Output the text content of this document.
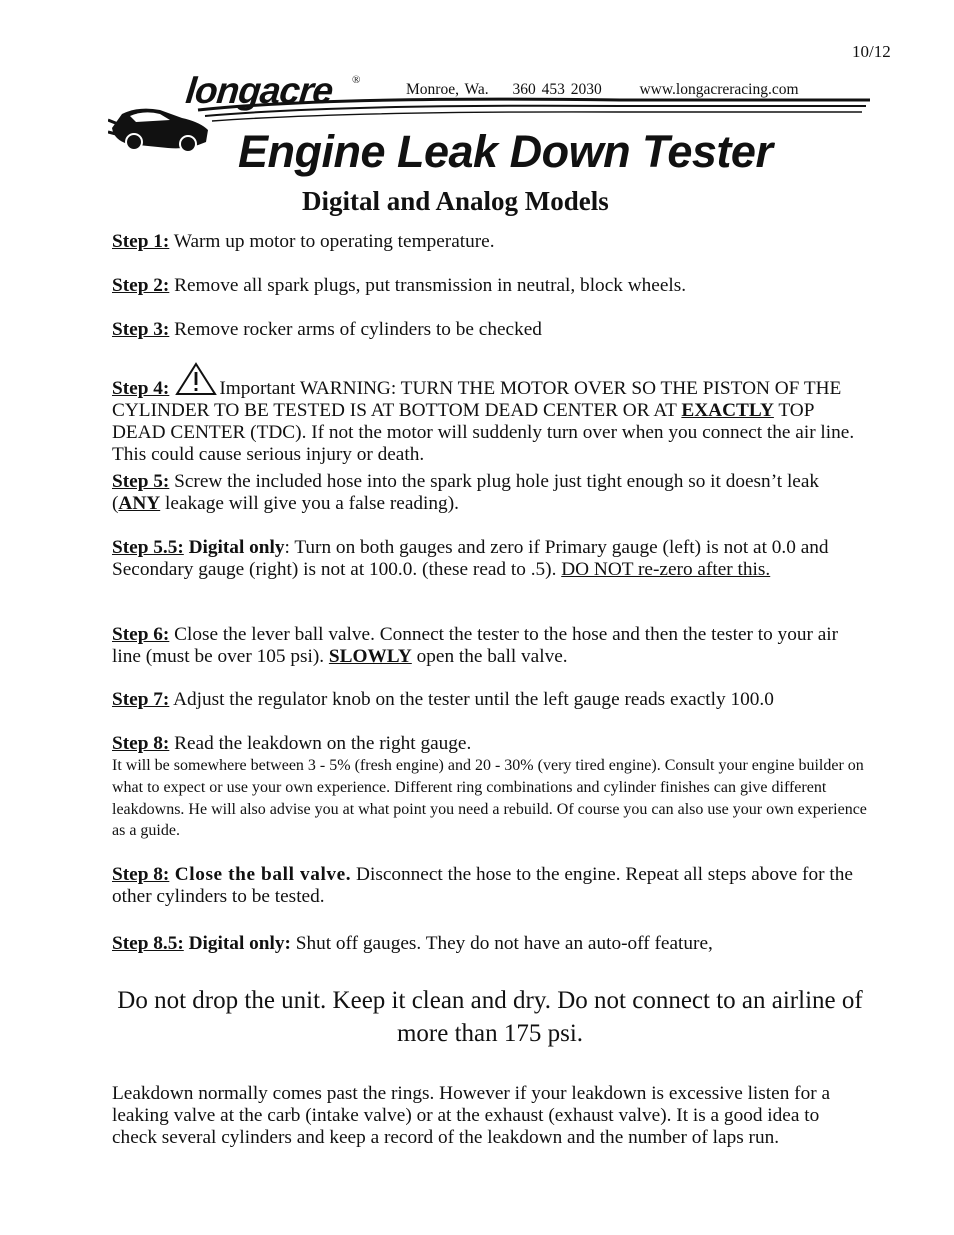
10/12
longacre ®
Monroe, Wa. 360 453 2030 www.longacreracing.com
Engine Leak Down Tester
Digital and Analog Models
Step 1: Warm up motor to operating temperature.
Step 2: Remove all spark plugs, put transmission in neutral, block wheels.
Step 3: Remove rocker arms of cylinders to be checked
Step 4:	Important WARNING: TURN THE MOTOR OVER SO THE PISTON OF THE CYLINDER TO BE TESTED IS AT BOTTOM DEAD CENTER OR AT EXACTLY TOP DEAD CENTER (TDC). If not the motor will suddenly turn over when you connect the air line. This could cause serious injury or death.
Step 5: Screw the included hose into the spark plug hole just tight enough so it doesn’t leak (ANY leakage will give you a false reading).
Step 5.5: Digital only: Turn on both gauges and zero if Primary gauge (left) is not at 0.0 and Secondary gauge (right) is not at 100.0. (these read to .5). DO NOT re-zero after this.
Step 6: Close the lever ball valve. Connect the tester to the hose and then the tester to your air line (must be over 105 psi). SLOWLY open the ball valve.
Step 7: Adjust the regulator knob on the tester until the left gauge reads exactly 100.0
Step 8: Read the leakdown on the right gauge.
It will be somewhere between 3 - 5% (fresh engine) and 20 - 30% (very tired engine). Consult your engine builder on what to expect or use your own experience. Different ring combinations and cylinder finishes can give different leakdowns. He will also advise you at what point you need a rebuild. Of course you can also use your own experience as a guide.
Step 8: Close the ball valve. Disconnect the hose to the engine. Repeat all steps above for the other cylinders to be tested.
Step 8.5: Digital only: Shut off gauges. They do not have an auto-off feature,
Do not drop the unit. Keep it clean and dry. Do not connect to an airline of more than 175 psi.
Leakdown normally comes past the rings. However if your leakdown is excessive listen for a leaking valve at the carb (intake valve) or at the exhaust (exhaust valve). It is a good idea to check several cylinders and keep a record of the leakdown and the number of laps run.
